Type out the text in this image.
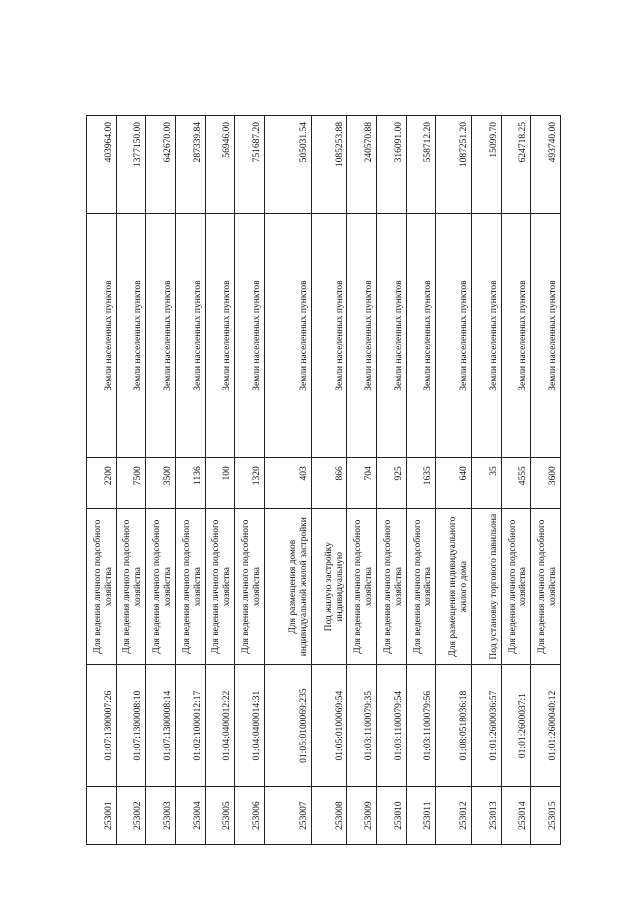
253001	01:07:1300007:26	Для ведения личного подсобного хозяйства	2200	Земли населенных пунктов	403964.00
253002	01:07:1300008:10	Для ведения личного подсобного хозяйства	7500	Земли населенных пунктов	1377150.00
253003	01:07:1300008:14	Для ведения личного подсобного хозяйства	3500	Земли населенных пунктов	642670.00
253004	01:02:1000012:17	Для ведения личного подсобного хозяйства	1136	Земли населенных пунктов	287339.84
253005	01:04:0400012:22	Для ведения личного подсобного хозяйства	100	Земли населенных пунктов	56946.00
253006	01:04:0400014:31	Для ведения личного подсобного хозяйства	1320	Земли населенных пунктов	751687.20
253007	01:05:0100069:235	Для размещения домов индивидуальной жилой застройки	403	Земли населенных пунктов	505031.54
253008	01:05:0100069:54	Под жилую застройку индивидуальную	866	Земли населенных пунктов	1085253.88
253009	01:03:1100079:35	Для ведения личного подсобного хозяйства	704	Земли населенных пунктов	240570.88
253010	01:03:1100079:54	Для ведения личного подсобного хозяйства	925	Земли населенных пунктов	316091.00
253011	01:03:1100079:56	Для ведения личного подсобного хозяйства	1635	Земли населенных пунктов	558712.20
253012	01:08:0518036:18	Для размещения индивидуального жилого дома	640	Земли населенных пунктов	1087251.20
253013	01:01:2600036:57	Под установку торгового павильона	35	Земли населенных пунктов	15099.70
253014	01:01:2600037:1	Для ведения личного подсобного хозяйства	4555	Земли населенных пунктов	624718.25
253015	01:01:2600040:12	Для ведения личного подсобного хозяйства	3600	Земли населенных пунктов	493740.00
